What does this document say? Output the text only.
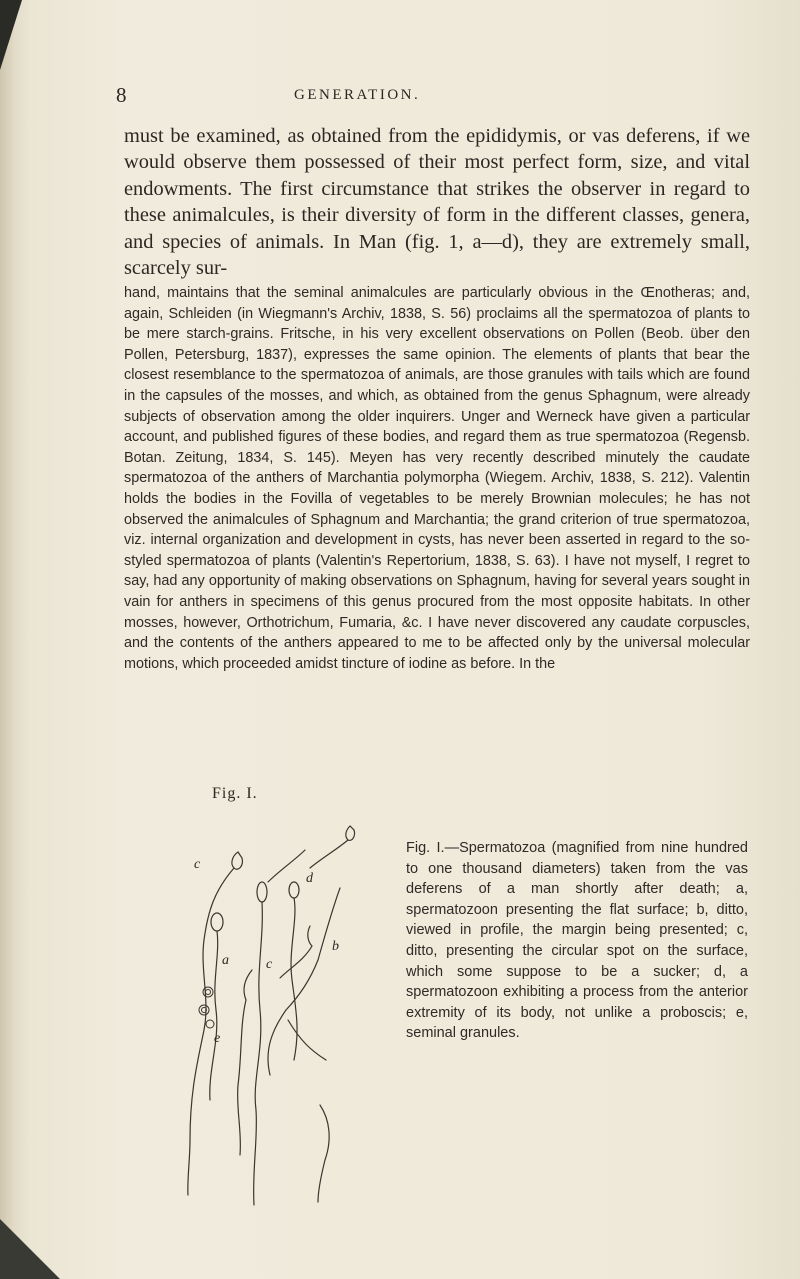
8	GENERATION.
must be examined, as obtained from the epididymis, or vas deferens, if we would observe them possessed of their most perfect form, size, and vital endowments. The first circumstance that strikes the observer in regard to these animalcules, is their diversity of form in the different classes, genera, and species of animals. In Man (fig. 1, a—d), they are extremely small, scarcely sur-
hand, maintains that the seminal animalcules are particularly obvious in the Œnotheras; and, again, Schleiden (in Wiegmann's Archiv, 1838, S. 56) proclaims all the spermatozoa of plants to be mere starch-grains. Fritsche, in his very excellent observations on Pollen (Beob. über den Pollen, Petersburg, 1837), expresses the same opinion. The elements of plants that bear the closest resemblance to the spermatozoa of animals, are those granules with tails which are found in the capsules of the mosses, and which, as obtained from the genus Sphagnum, were already subjects of observation among the older inquirers. Unger and Werneck have given a particular account, and published figures of these bodies, and regard them as true spermatozoa (Regensb. Botan. Zeitung, 1834, S. 145). Meyen has very recently described minutely the caudate spermatozoa of the anthers of Marchantia polymorpha (Wiegem. Archiv, 1838, S. 212). Valentin holds the bodies in the Fovilla of vegetables to be merely Brownian molecules; he has not observed the animalcules of Sphagnum and Marchantia; the grand criterion of true spermatozoa, viz. internal organization and development in cysts, has never been asserted in regard to the so-styled spermatozoa of plants (Valentin's Repertorium, 1838, S. 63). I have not myself, I regret to say, had any opportunity of making observations on Sphagnum, having for several years sought in vain for anthers in specimens of this genus procured from the most opposite habitats. In other mosses, however, Orthotrichum, Fumaria, &c. I have never discovered any caudate corpuscles, and the contents of the anthers appeared to me to be affected only by the universal molecular motions, which proceeded amidst tincture of iodine as before. In the
Fig. I.
c
a
d
b
c
e
Fig. I.—Spermatozoa (magnified from nine hundred to one thousand diameters) taken from the vas deferens of a man shortly after death; a, spermatozoon presenting the flat surface; b, ditto, viewed in profile, the margin being presented; c, ditto, presenting the circular spot on the surface, which some suppose to be a sucker; d, a spermatozoon exhibiting a process from the anterior extremity of its body, not unlike a proboscis; e, seminal granules.
